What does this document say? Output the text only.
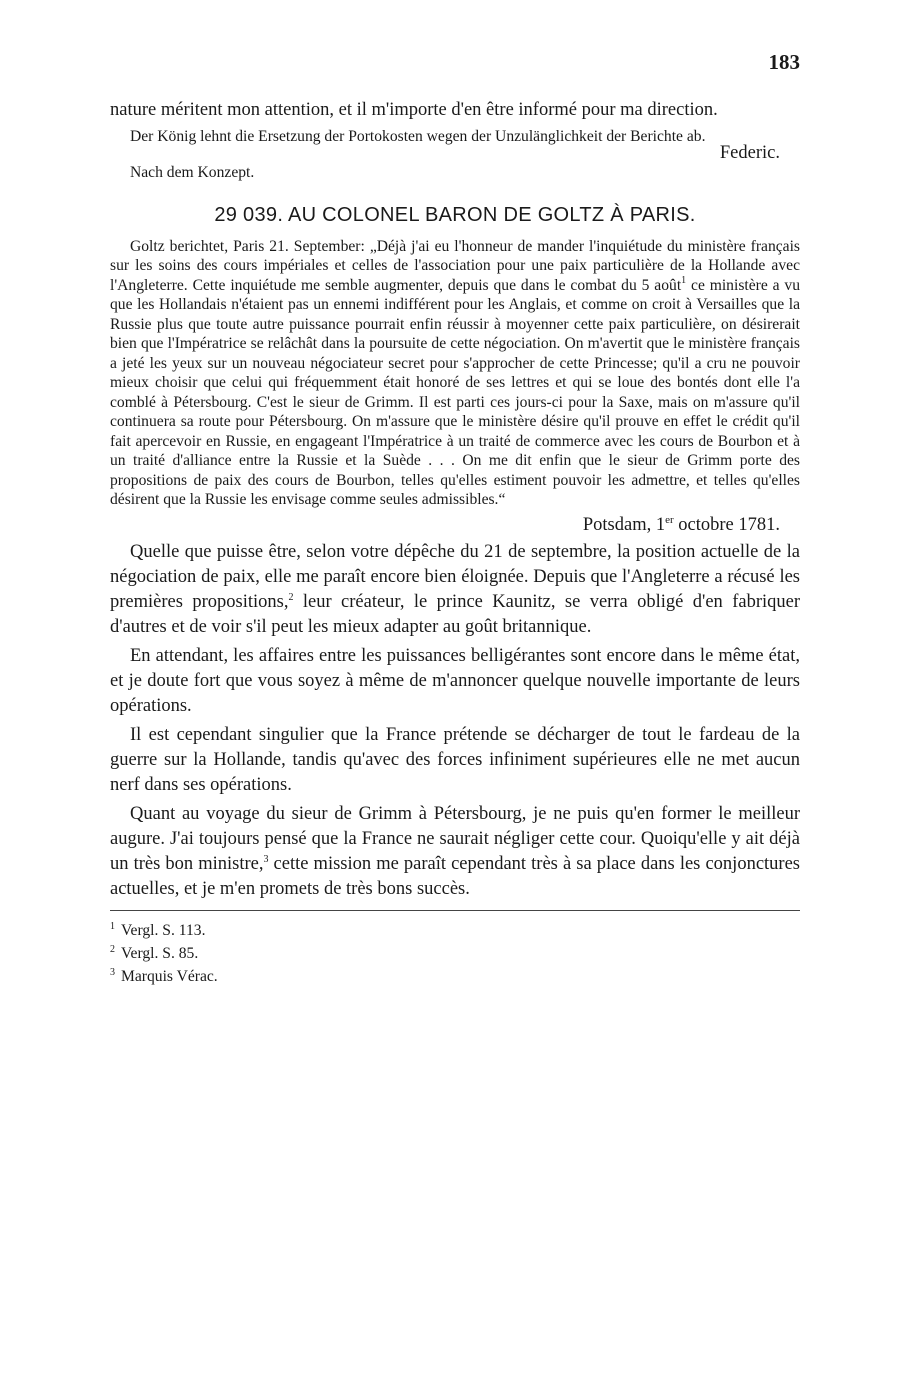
183

nature méritent mon attention, et il m'importe d'en être informé pour ma direction.

Der König lehnt die Ersetzung der Portokosten wegen der Unzulänglichkeit der Berichte ab.

Federic.
Nach dem Konzept.
29 039. AU COLONEL BARON DE GOLTZ À PARIS.

Goltz berichtet, Paris 21. September: „Déjà j'ai eu l'honneur de mander l'inquiétude du ministère français sur les soins des cours impériales et celles de l'association pour une paix particulière de la Hollande avec l'Angleterre. Cette inquiétude me semble augmenter, depuis que dans le combat du 5 août$^1$ ce ministère a vu que les Hollandais n'étaient pas un ennemi indifférent pour les Anglais, et comme on croit à Versailles que la Russie plus que toute autre puissance pourrait enfin réussir à moyenner cette paix particulière, on désirerait bien que l'Impératrice se relâchât dans la poursuite de cette négociation. On m'avertit que le ministère français a jeté les yeux sur un nouveau négociateur secret pour s'approcher de cette Princesse; qu'il a cru ne pouvoir mieux choisir que celui qui fréquemment était honoré de ses lettres et qui se loue des bontés dont elle l'a comblé à Pétersbourg. C'est le sieur de Grimm. Il est parti ces jours-ci pour la Saxe, mais on m'assure qu'il continuera sa route pour Pétersbourg. On m'assure que le ministère désire qu'il prouve en effet le crédit qu'il fait apercevoir en Russie, en engageant l'Impératrice à un traité de commerce avec les cours de Bourbon et à un traité d'alliance entre la Russie et la Suède . . . On me dit enfin que le sieur de Grimm porte des propositions de paix des cours de Bourbon, telles qu'elles estiment pouvoir les admettre, et telles qu'elles désirent que la Russie les envisage comme seules admissibles.“

Potsdam, 1er octobre 1781.

Quelle que puisse être, selon votre dépêche du 21 de septembre, la position actuelle de la négociation de paix, elle me paraît encore bien éloignée. Depuis que l'Angleterre a récusé les premières propositions,$^2$ leur créateur, le prince Kaunitz, se verra obligé d'en fabriquer d'autres et de voir s'il peut les mieux adapter au goût britannique.

En attendant, les affaires entre les puissances belligérantes sont encore dans le même état, et je doute fort que vous soyez à même de m'annoncer quelque nouvelle importante de leurs opérations.

Il est cependant singulier que la France prétende se décharger de tout le fardeau de la guerre sur la Hollande, tandis qu'avec des forces infiniment supérieures elle ne met aucun nerf dans ses opérations.

Quant au voyage du sieur de Grimm à Pétersbourg, je ne puis qu'en former le meilleur augure. J'ai toujours pensé que la France ne saurait négliger cette cour. Quoiqu'elle y ait déjà un très bon ministre,$^3$ cette mission me paraît cependant très à sa place dans les conjonctures actuelles, et je m'en promets de très bons succès.

$^1$ Vergl. S. 113.
$^2$ Vergl. S. 85.
$^3$ Marquis Vérac.
